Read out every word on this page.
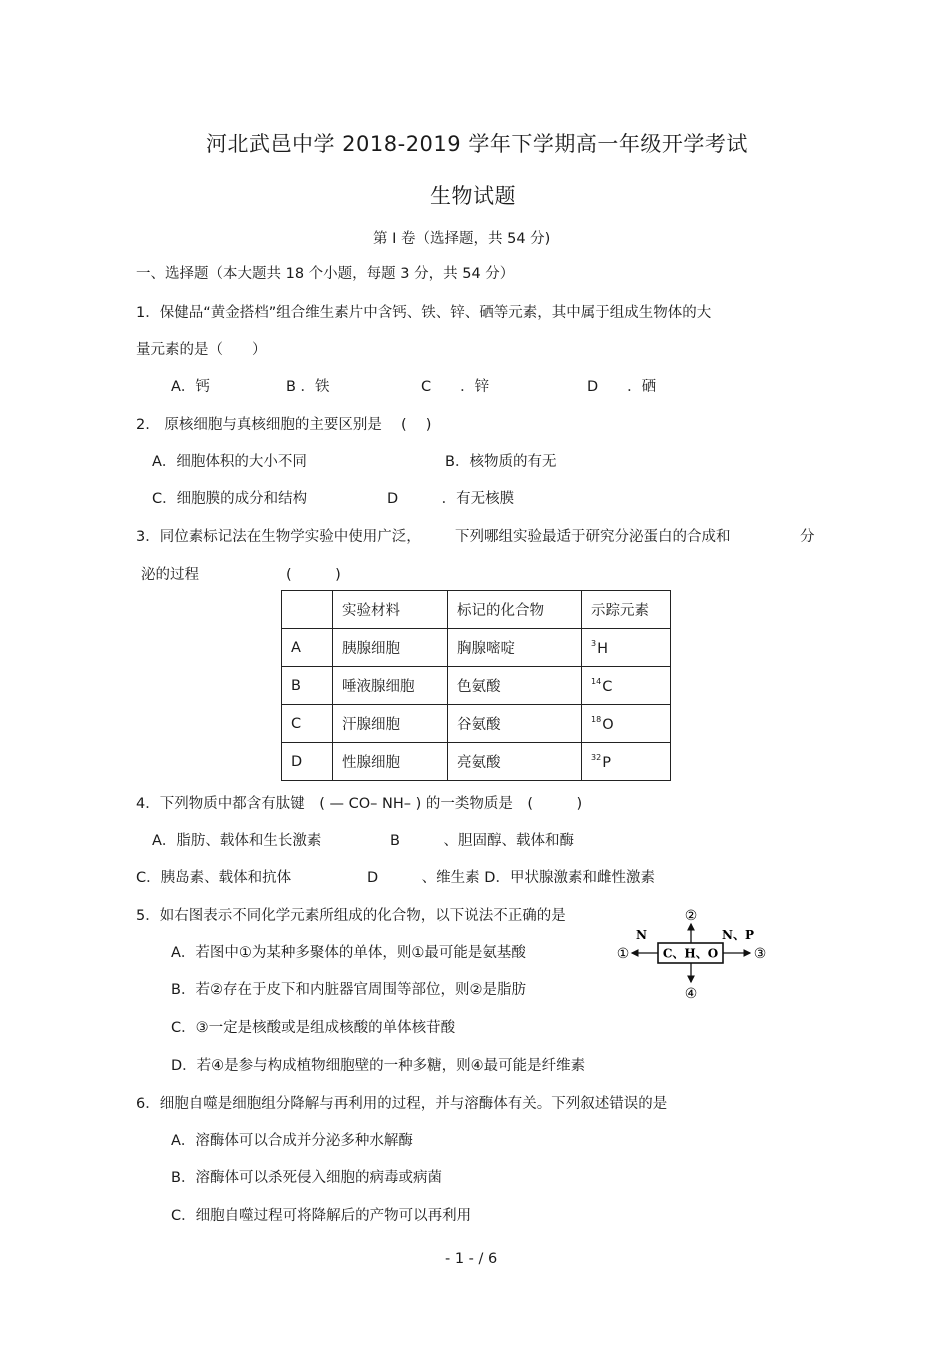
河北武邑中学 2018-2019 学年下学期高一年级开学考试
生物试题
第 I 卷（选择题，共 54 分)
一、选择题（本大题共 18 个小题，每题 3 分，共 54 分）
1．保健品“黄金搭档”组合维生素片中含钙、铁、锌、硒等元素，其中属于组成生物体的大
量元素的是（　　）
A．钙	B ．铁	C　　．锌	D　　．硒
2.　原核细胞与真核细胞的主要区别是　 (　 )
A．细胞体积的大小不同	B．核物质的有无
C．细胞膜的成分和结构	D　　　．有无核膜
3．同位素标记法在生物学实验中使用广泛， 下列哪组实验最适于研究分泌蛋白的合成和	分
泌的过程　　　　　　(　　　)
	实验材料	标记的化合物	示踪元素
A	胰腺细胞	胸腺嘧啶	$^3$H
B	唾液腺细胞	色氨酸	$^{14}$C
C	汗腺细胞	谷氨酸	$^{18}$O
D	性腺细胞	亮氨酸	$^{32}$P
4．下列物质中都含有肽键　( — CO– NH– ) 的一类物质是　(　　　)
A．脂肪、载体和生长激素	B　　　、胆固醇、载体和酶
C．胰岛素、载体和抗体	D　　　、维生素 D．甲状腺激素和雌性激素
5．如右图表示不同化学元素所组成的化合物，以下说法不正确的是
A．若图中①为某种多聚体的单体，则①最可能是氨基酸
B．若②存在于皮下和内脏器官周围等部位，则②是脂肪
C．③一定是核酸或是组成核酸的单体核苷酸
D．若④是参与构成植物细胞壁的一种多糖，则④最可能是纤维素
C、H、O
N	N、P
①
②
③
④
6．细胞自噬是细胞组分降解与再利用的过程，并与溶酶体有关。下列叙述错误的是
A．溶酶体可以合成并分泌多种水解酶
B．溶酶体可以杀死侵入细胞的病毒或病菌
C．细胞自噬过程可将降解后的产物可以再利用
- 1 - / 6
